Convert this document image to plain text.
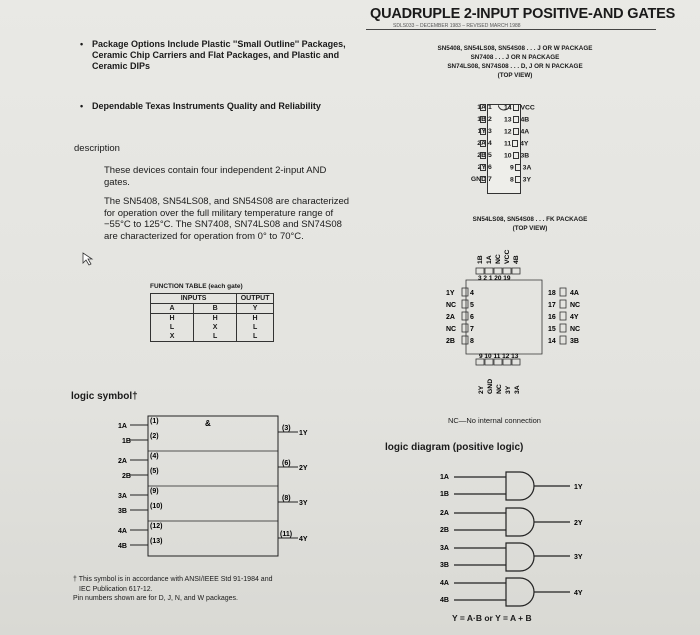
QUADRUPLE 2-INPUT POSITIVE-AND GATES
SDLS033 – DECEMBER 1983 – REVISED MARCH 1988
• Package Options Include Plastic ''Small Outline'' Packages, Ceramic Chip Carriers and Flat Packages, and Plastic and Ceramic DIPs
• Dependable Texas Instruments Quality and Reliability
description
These devices contain four independent 2-input AND gates.
The SN5408, SN54LS08, and SN54S08 are characterized for operation over the full military temperature range of −55°C to 125°C. The SN7408, SN74LS08 and SN74S08 are characterized for operation from 0° to 70°C.
FUNCTION TABLE (each gate)
INPUTS		OUTPUT
A	B	Y
H	H	H
L	X	L
X	L	L
logic symbol†
&
1A
1B
2A
2B
3A
3B
4A
4B
(1)
(2)
(4)
(5)
(9)
(10)
(12)
(13)
(3)
(6)
(8)
(11)
1Y
2Y
3Y
4Y
† This symbol is in accordance with ANSI/IEEE Std 91-1984 and
IEC Publication 617-12.
Pin numbers shown are for D, J, N, and W packages.
SN5408, SN54LS08, SN54S08 . . . J OR W PACKAGE
SN7408 . . . J OR N PACKAGE
SN74LS08, SN74S08 . . . D, J OR N PACKAGE
(TOP VIEW)
1A
1B
1Y
2A
2B
2Y
GND
1
2
3
4
5
6
7
14 VCC
13 4B
12 4A
11 4Y
10 3B
9 3A
8 3Y
SN54LS08, SN54S08 . . . FK PACKAGE
(TOP VIEW)
1B 1A NC VCC 4B
3 2 1 20 19
9 10 11 12 13
1Y 4
NC 5
2A 6
NC 7
2B 8
18 4A
17 NC
16 4Y
15 NC
14 3B
2Y GND NC 3Y 3A
NC—No internal connection
logic diagram (positive logic)
1A
1B
2A
2B
3A
3B
4A
4B
1Y
2Y
3Y
4Y
Y = A·B or Y = A + B
